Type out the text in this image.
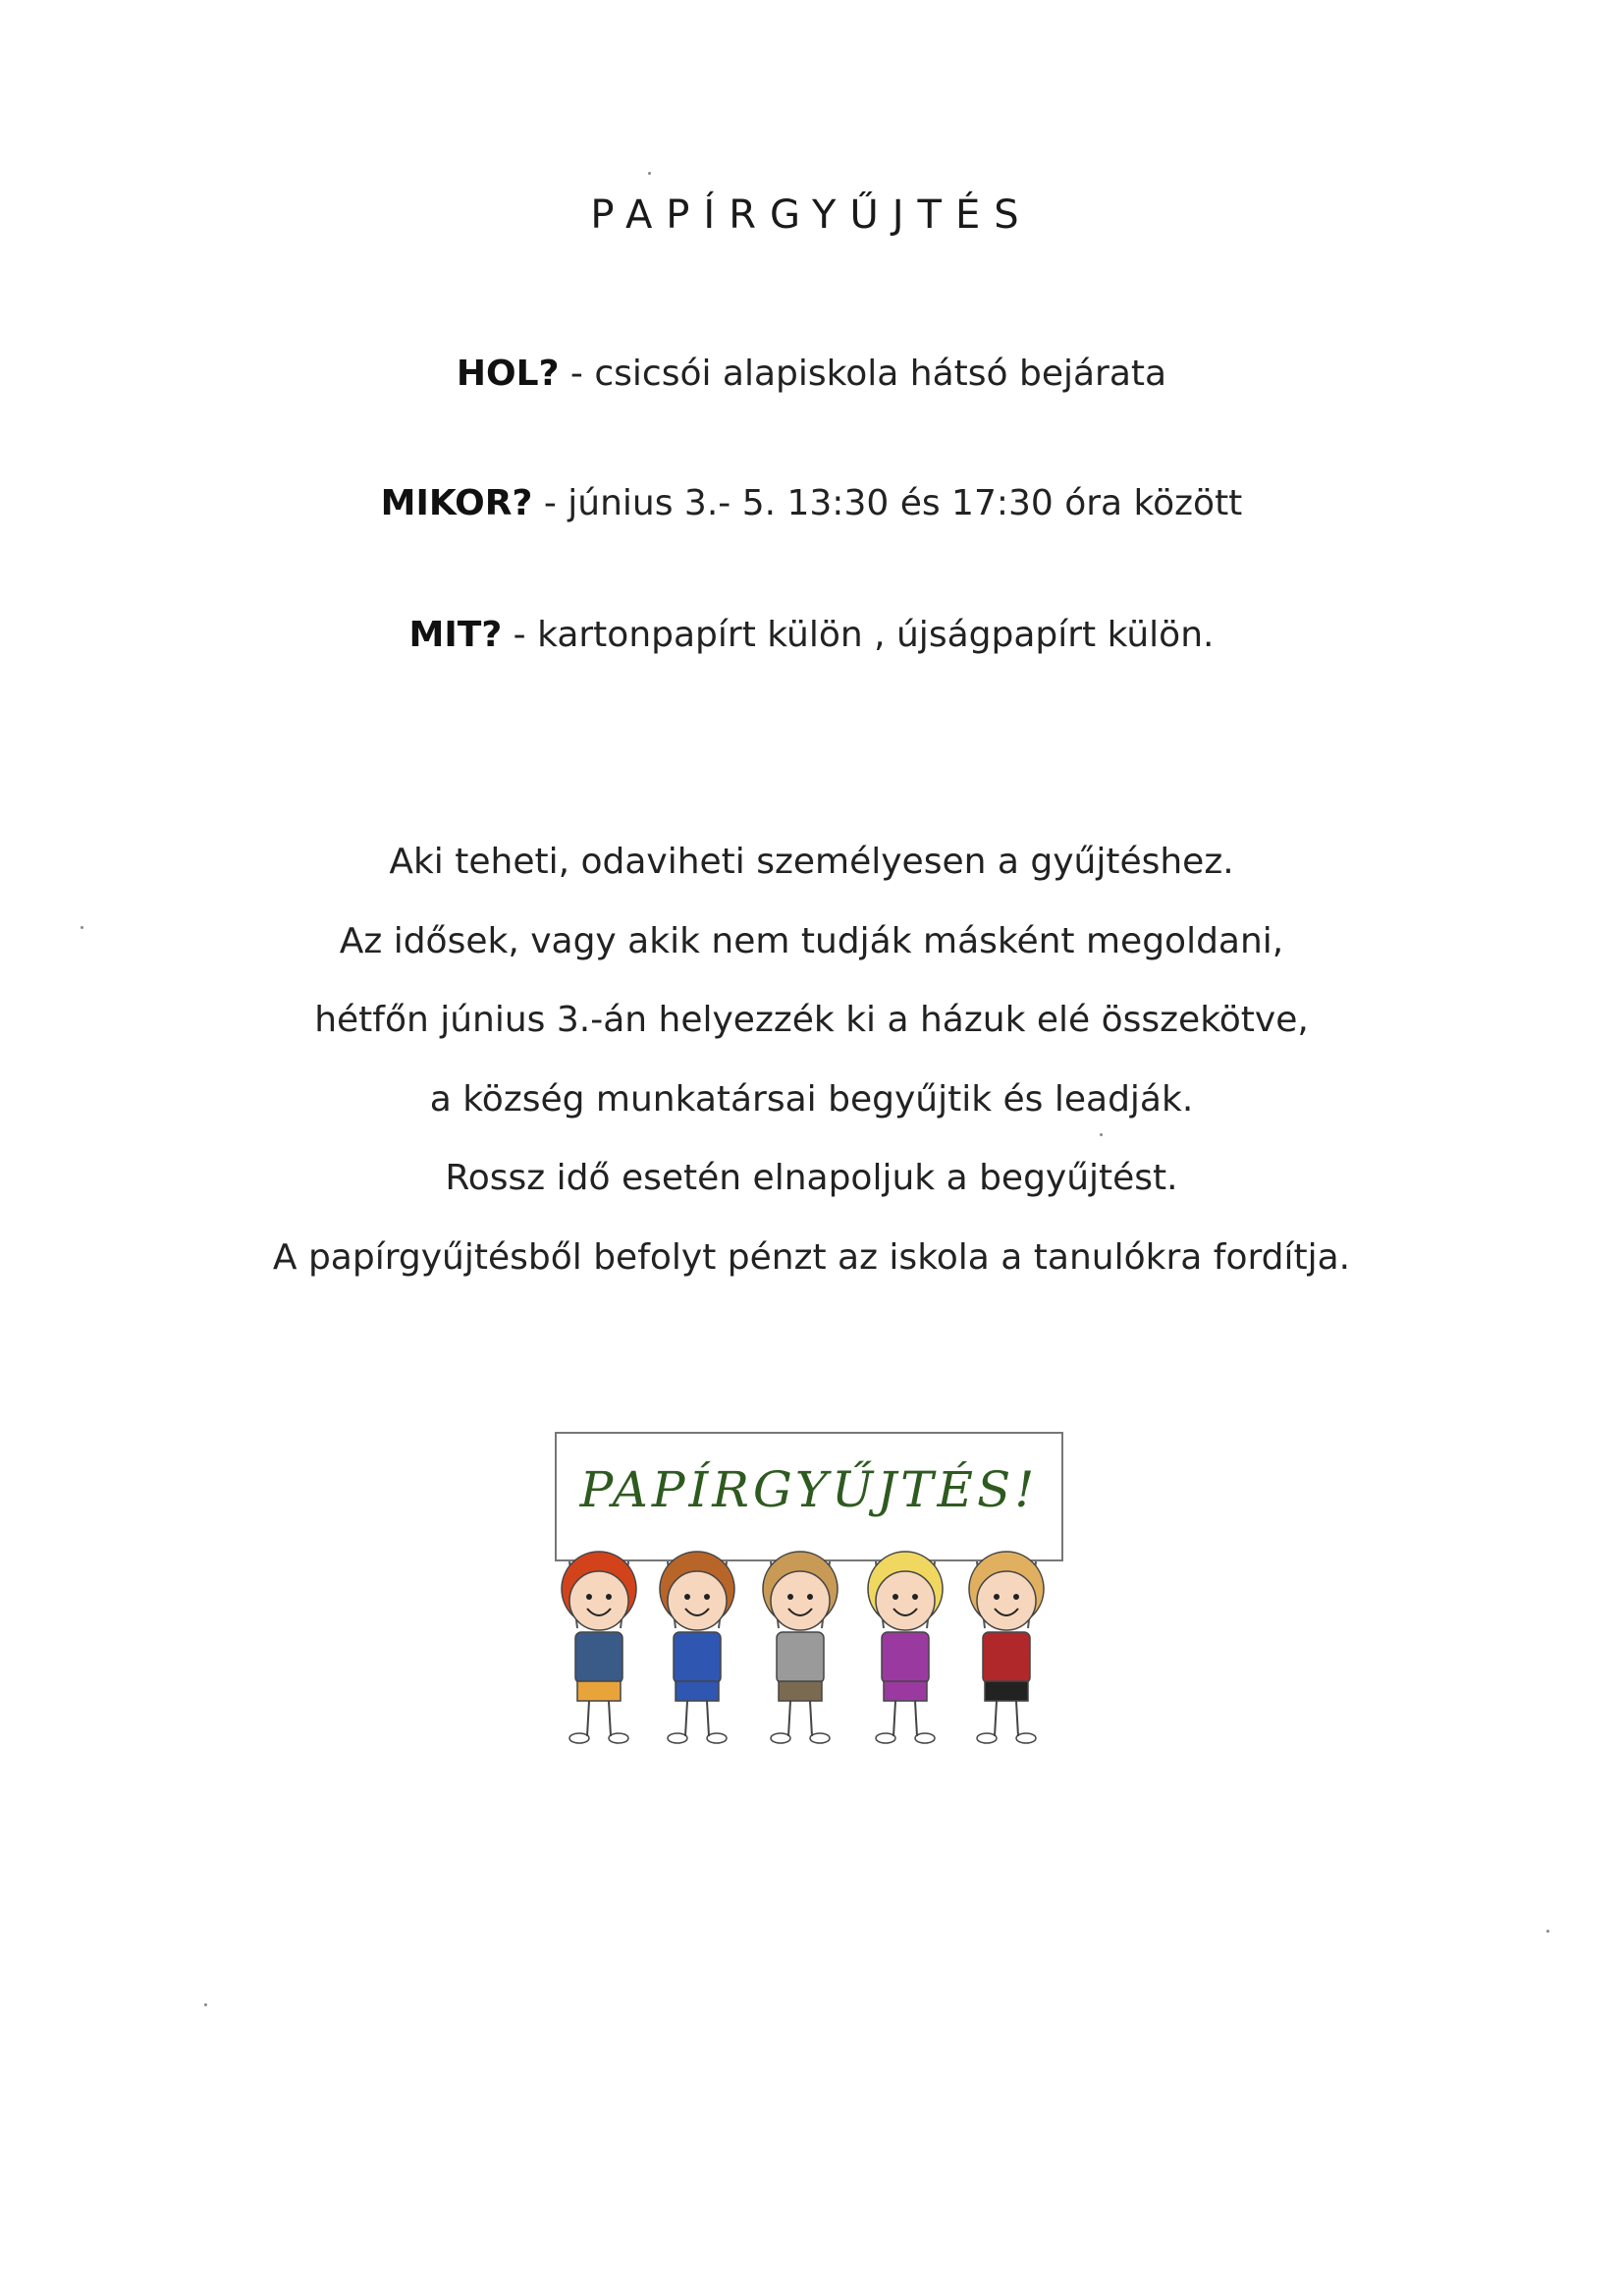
PAPÍRGYŰJTÉS
HOL? - csicsói alapiskola hátsó bejárata
MIKOR? - június 3.- 5. 13:30 és 17:30 óra között
MIT? - kartonpapírt külön , újságpapírt külön.
Aki teheti, odaviheti személyesen a gyűjtéshez.
Az idősek, vagy akik nem tudják másként megoldani,
hétfőn június 3.-án helyezzék ki a házuk elé összekötve,
a község munkatársai begyűjtik és leadják.
Rossz idő esetén elnapoljuk a begyűjtést.
A papírgyűjtésből befolyt pénzt az iskola a tanulókra fordítja.
PAPÍRGYŰJTÉS!
